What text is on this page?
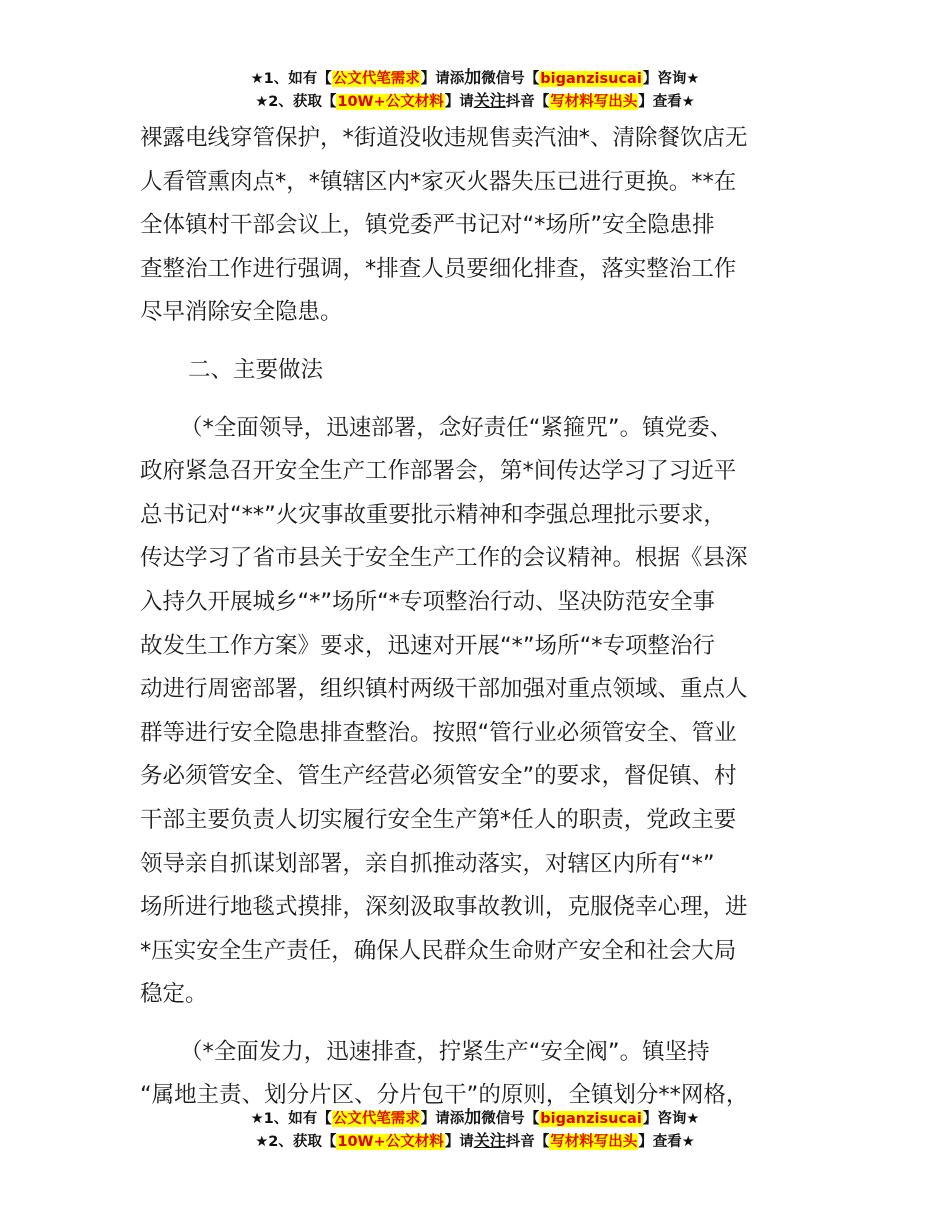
★1、如有【公文代笔需求】请添加微信号【biganzisucai】咨询★
★2、获取【10W+公文材料】请关注抖音【写材料写出头】查看★

裸露电线穿管保护，*街道没收违规售卖汽油*、清除餐饮店无

人看管熏肉点*，*镇辖区内*家灭火器失压已进行更换。**在

全体镇村干部会议上，镇党委严书记对“*场所”安全隐患排

查整治工作进行强调，*排查人员要细化排查，落实整治工作

尽早消除安全隐患。

二、主要做法

（*全面领导，迅速部署，念好责任“紧箍咒”。镇党委、

政府紧急召开安全生产工作部署会，第*间传达学习了习近平

总书记对“**”火灾事故重要批示精神和李强总理批示要求，

传达学习了省市县关于安全生产工作的会议精神。根据《县深

入持久开展城乡“*”场所“*专项整治行动、坚决防范安全事

故发生工作方案》要求，迅速对开展“*”场所“*专项整治行

动进行周密部署，组织镇村两级干部加强对重点领域、重点人

群等进行安全隐患排查整治。按照“管行业必须管安全、管业

务必须管安全、管生产经营必须管安全”的要求，督促镇、村

干部主要负责人切实履行安全生产第*任人的职责，党政主要

领导亲自抓谋划部署，亲自抓推动落实，对辖区内所有“*”

场所进行地毯式摸排，深刻汲取事故教训，克服侥幸心理，进

*压实安全生产责任，确保人民群众生命财产安全和社会大局

稳定。

（*全面发力，迅速排查，拧紧生产“安全阀”。镇坚持

“属地主责、划分片区、分片包干”的原则，全镇划分**网格，

★1、如有【公文代笔需求】请添加微信号【biganzisucai】咨询★
★2、获取【10W+公文材料】请关注抖音【写材料写出头】查看★
